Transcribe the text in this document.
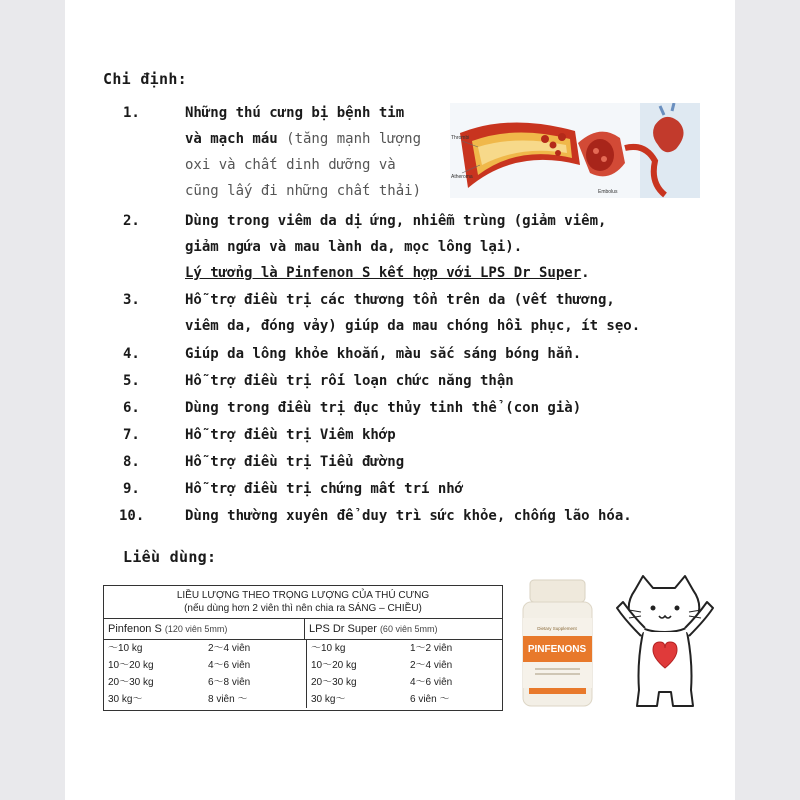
Chi định:
1.	Những thú cưng bị bệnh tim
và mạch máu (tăng mạnh lượng
oxi và chất dinh dưỡng và
cũng lấy đi những chất thải)
2.	Dùng trong viêm da dị ứng, nhiễm trùng (giảm viêm,
giảm ngứa và mau lành da, mọc lông lại).
Lý tưởng là Pinfenon S kết hợp với LPS Dr Super.
3.	Hỗ trợ điều trị các thương tổn trên da (vết thương,
viêm da, đóng vảy) giúp da mau chóng hồi phục, ít sẹo.
4.	Giúp da lông khỏe khoắn, màu sắc sáng bóng hẳn.
5.	Hỗ trợ điều trị rối loạn chức năng thận
6.	Dùng trong điều trị đục thủy tinh thể (con già)
7.	Hỗ trợ điều trị Viêm khớp
8.	Hỗ trợ điều trị Tiểu đường
9.	Hỗ trợ điều trị chứng mất trí nhớ
10.	Dùng thường xuyên để duy trì sức khỏe, chống lão hóa.
Thrombi
Atheroma
Embolus
Liều dùng:
LIỀU LƯỢNG THEO TRỌNG LƯỢNG CỦA THÚ CƯNG
(nếu dùng hơn 2 viên thì nên chia ra SÁNG – CHIỀU)
Pinfenon S (120 viên 5mm)	LPS Dr Super (60 viên 5mm)
～10 kg	2～4 viên	～10 kg	1～2 viên
10～20 kg	4～6 viên	10～20 kg	2～4 viên
20～30 kg	6～8 viên	20～30 kg	4～6 viên
30 kg～	8 viên ～	30 kg～	6 viên ～
PINFENONS
Dietary Supplement
